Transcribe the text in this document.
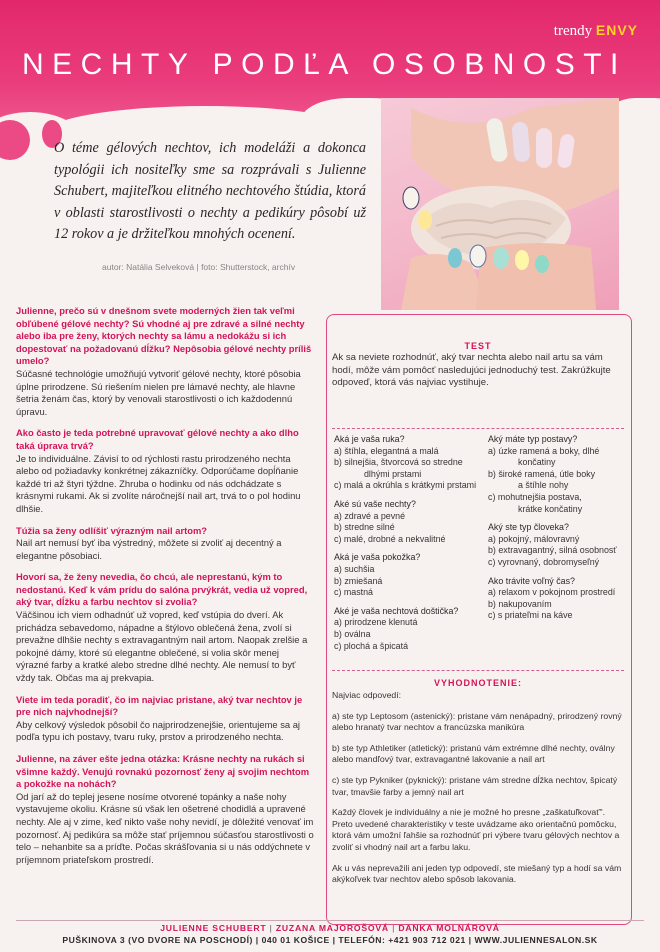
trendy ENVY
NECHTY PODĽA OSOBNOSTI
O téme gélových nechtov, ich modeláži a dokonca typológii ich nositeľky sme sa rozprávali s Julienne Schubert, majiteľkou elitného nechtového štúdia, ktorá v oblasti starostlivosti o nechty a pedikúry pôsobí už 12 rokov a je držiteľkou mnohých ocenení.
autor: Natália Selveková | foto: Shutterstock, archív

Julienne, prečo sú v dnešnom svete moderných žien tak veľmi obľúbené gélové nechty? Sú vhodné aj pre zdravé a silné nechty alebo iba pre ženy, ktorých nechty sa lámu a nedokážu si ich dopestovať na požadovanú dĺžku? Nepôsobia gélové nechty príliš umelo?

Súčasné technológie umožňujú vytvoriť gélové nechty, ktoré pôsobia úplne prirodzene. Sú riešením nielen pre lámavé nechty, ale hlavne šetria ženám čas, ktorý by venovali starostlivosti o ich každodennú úpravu.

Ako často je teda potrebné upravovať gélové nechty a ako dlho taká úprava trvá?

Je to individuálne. Závisí to od rýchlosti rastu prirodzeného nechta alebo od požiadavky konkrétnej zákazníčky. Odporúčame dopĺňanie každé tri až štyri týždne. Zhruba o hodinku od nás odchádzate s krásnymi rukami. Ak si zvolíte náročnejší nail art, trvá to o pol hodinu dlhšie.

Túžia sa ženy odlíšiť výrazným nail artom?

Nail art nemusí byť iba výstredný, môžete si zvoliť aj decentný a elegantne pôsobiaci.

Hovorí sa, že ženy nevedia, čo chcú, ale neprestanú, kým to nedostanú. Keď k vám prídu do salóna prvýkrát, vedia už vopred, aký tvar, dĺžku a farbu nechtov si zvolia?

Väčšinou ich viem odhadnúť už vopred, keď vstúpia do dverí. Ak prichádza sebavedomo, nápadne a štýlovo oblečená žena, zvolí si prevažne dlhšie nechty s extravagantným nail artom. Naopak zrelšie a pokojné dámy, ktoré sú elegantne oblečené, si volia skôr menej výrazné farby a kratké alebo stredne dlhé nechty. Ale nemusí to byť vždy tak. Občas ma aj prekvapia.

Viete im teda poradiť, čo im najviac pristane, aký tvar nechtov je pre nich najvhodnejší?

Aby celkový výsledok pôsobil čo najprirodzenejšie, orientujeme sa aj podľa typu ich postavy, tvaru ruky, prstov a prirodzeného nechta.

Julienne, na záver ešte jedna otázka: Krásne nechty na rukách si všimne každý. Venujú rovnakú pozornosť ženy aj svojim nechtom a pokožke na nohách?

Od jarí až do teplej jesene nosíme otvorené topánky a naše nohy vystavujeme okoliu. Krásne sú však len ošetrené chodidlá a upravené nechty. Ale aj v zime, keď nikto vaše nohy nevidí, je dôležité venovať im pozornosť. Aj pedikúra sa môže stať príjemnou súčasťou starostlivosti o telo – nehanbite sa a príďte. Počas skrášľovania si u nás oddýchnete v príjemnom priateľskom prostredí.

TEST
Ak sa neviete rozhodnúť, aký tvar nechta alebo nail artu sa vám hodí, môže vám pomôcť nasledujúci jednoduchý test. Zakrúžkujte odpoveď, ktorá vás najviac vystihuje.

Aká je vaša ruka?

a) štíhla, elegantná a malá

b) silnejšia, štvorcová so stredne

dlhými prstami

c) malá a okrúhla s krátkymi prstami

Aké sú vaše nechty?

a) zdravé a pevné

b) stredne silné

c) malé, drobné a nekvalitné

Aká je vaša pokožka?

a) suchšia

b) zmiešaná

c) mastná

Aké je vaša nechtová doštička?

a) prirodzene klenutá

b) oválna

c) plochá a špicatá

Aký máte typ postavy?

a) úzke ramená a boky, dlhé

končatiny

b) široké ramená, útle boky

a štíhle nohy

c) mohutnejšia postava,

krátke končatiny

Aký ste typ človeka?

a) pokojný, málovravný

b) extravagantný, silná osobnosť

c) vyrovnaný, dobromyseľný

Ako trávite voľný čas?

a) relaxom v pokojnom prostredí

b) nakupovaním

c) s priateľmi na káve

VYHODNOTENIE:

Najviac odpovedí:

a) ste typ Leptosom (astenický): pristane vám nenápadný, prirodzený rovný alebo hranatý tvar nechtov a francúzska manikúra

b) ste typ Athletiker (atletický): pristanú vám extrémne dlhé nechty, oválny alebo mandľový tvar, extravagantné lakovanie a nail art

c) ste typ Pykniker (pyknický): pristane vám stredne dĺžka nechtov, špicatý tvar, tmavšie farby a jemný nail art

Každý človek je individuálny a nie je možné ho presne „zaškatuľkovať". Preto uvedené charakteristiky v teste uvádzame ako orientačnú pomôcku, ktorá vám umožní ľahšie sa rozhodnúť pri výbere tvaru gélových nechtov a zvoliť si vhodný nail art a farbu laku.

Ak u vás neprevažili ani jeden typ odpovedí, ste miešaný typ a hodí sa vám akýkoľvek tvar nechtov alebo spôsob lakovania.

JULIENNE SCHUBERT | ZUZANA MAJOROŠOVÁ | DANKA MOLNÁROVÁ
PUŠKINOVA 3 (VO DVORE NA POSCHODÍ) | 040 01 KOŠICE | TELEFÓN: +421 903 712 021 | WWW.JULIENNESALON.SK
